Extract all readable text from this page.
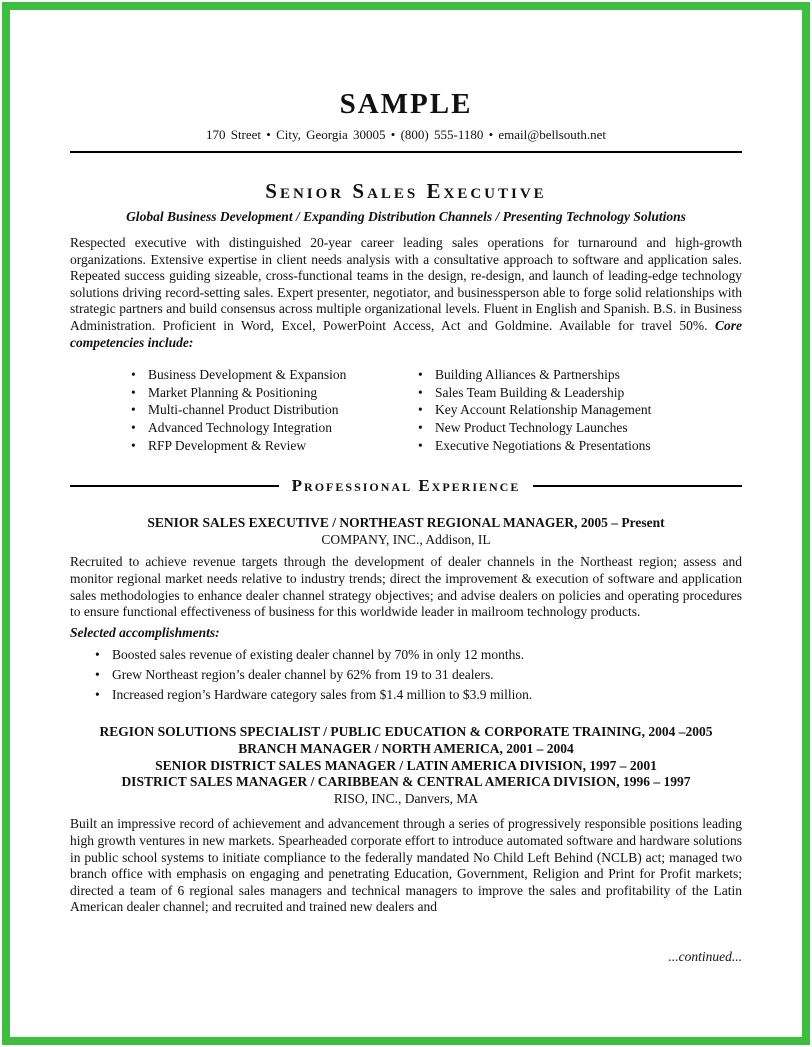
SAMPLE
170 Street • City, Georgia 30005 • (800) 555-1180 • email@bellsouth.net
Senior Sales Executive

Global Business Development / Expanding Distribution Channels / Presenting Technology Solutions

Respected executive with distinguished 20-year career leading sales operations for turnaround and high-growth organizations. Extensive expertise in client needs analysis with a consultative approach to software and application sales. Repeated success guiding sizeable, cross-functional teams in the design, re-design, and launch of leading-edge technology solutions driving record-setting sales. Expert presenter, negotiator, and businessperson able to forge solid relationships with strategic partners and build consensus across multiple organizational levels. Fluent in English and Spanish. B.S. in Business Administration. Proficient in Word, Excel, PowerPoint Access, Act and Goldmine. Available for travel 50%. Core competencies include:

• Business Development & Expansion
• Market Planning & Positioning
• Multi-channel Product Distribution
• Advanced Technology Integration
• RFP Development & Review
• Building Alliances & Partnerships
• Sales Team Building & Leadership
• Key Account Relationship Management
• New Product Technology Launches
• Executive Negotiations & Presentations
Professional Experience
SENIOR SALES EXECUTIVE / NORTHEAST REGIONAL MANAGER, 2005 – Present
COMPANY, INC., Addison, IL

Recruited to achieve revenue targets through the development of dealer channels in the Northeast region; assess and monitor regional market needs relative to industry trends; direct the improvement & execution of software and application sales methodologies to enhance dealer channel strategy objectives; and advise dealers on policies and operating procedures to ensure functional effectiveness of business for this worldwide leader in mailroom technology products.

Selected accomplishments:
• Boosted sales revenue of existing dealer channel by 70% in only 12 months.
• Grew Northeast region’s dealer channel by 62% from 19 to 31 dealers.
• Increased region’s Hardware category sales from $1.4 million to $3.9 million.
REGION SOLUTIONS SPECIALIST / PUBLIC EDUCATION & CORPORATE TRAINING, 2004 –2005
BRANCH MANAGER / NORTH AMERICA, 2001 – 2004
SENIOR DISTRICT SALES MANAGER / LATIN AMERICA DIVISION, 1997 – 2001
DISTRICT SALES MANAGER / CARIBBEAN & CENTRAL AMERICA DIVISION, 1996 – 1997
RISO, INC., Danvers, MA

Built an impressive record of achievement and advancement through a series of progressively responsible positions leading high growth ventures in new markets. Spearheaded corporate effort to introduce automated software and hardware solutions in public school systems to initiate compliance to the federally mandated No Child Left Behind (NCLB) act; managed two branch office with emphasis on engaging and penetrating Education, Government, Religion and Print for Profit markets; directed a team of 6 regional sales managers and technical managers to improve the sales and profitability of the Latin American dealer channel; and recruited and trained new dealers and

...continued...
